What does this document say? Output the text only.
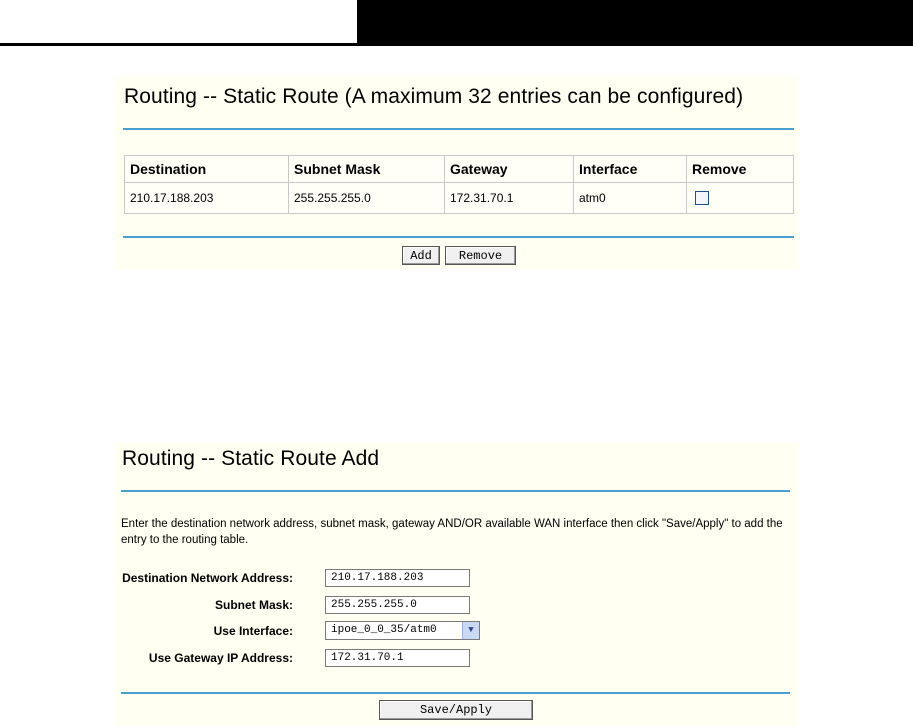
Routing -- Static Route (A maximum 32 entries can be configured)
Destination	Subnet Mask	Gateway	Interface	Remove
210.17.188.203	255.255.255.0	172.31.70.1	atm0	
Add	Remove
Routing -- Static Route Add
Enter the destination network address, subnet mask, gateway AND/OR available WAN interface then click "Save/Apply" to add the entry to the routing table.
Destination Network Address:	210.17.188.203
Subnet Mask:	255.255.255.0
Use Interface:	ipoe_0_0_35/atm0	▼
Use Gateway IP Address:	172.31.70.1
Save/Apply
